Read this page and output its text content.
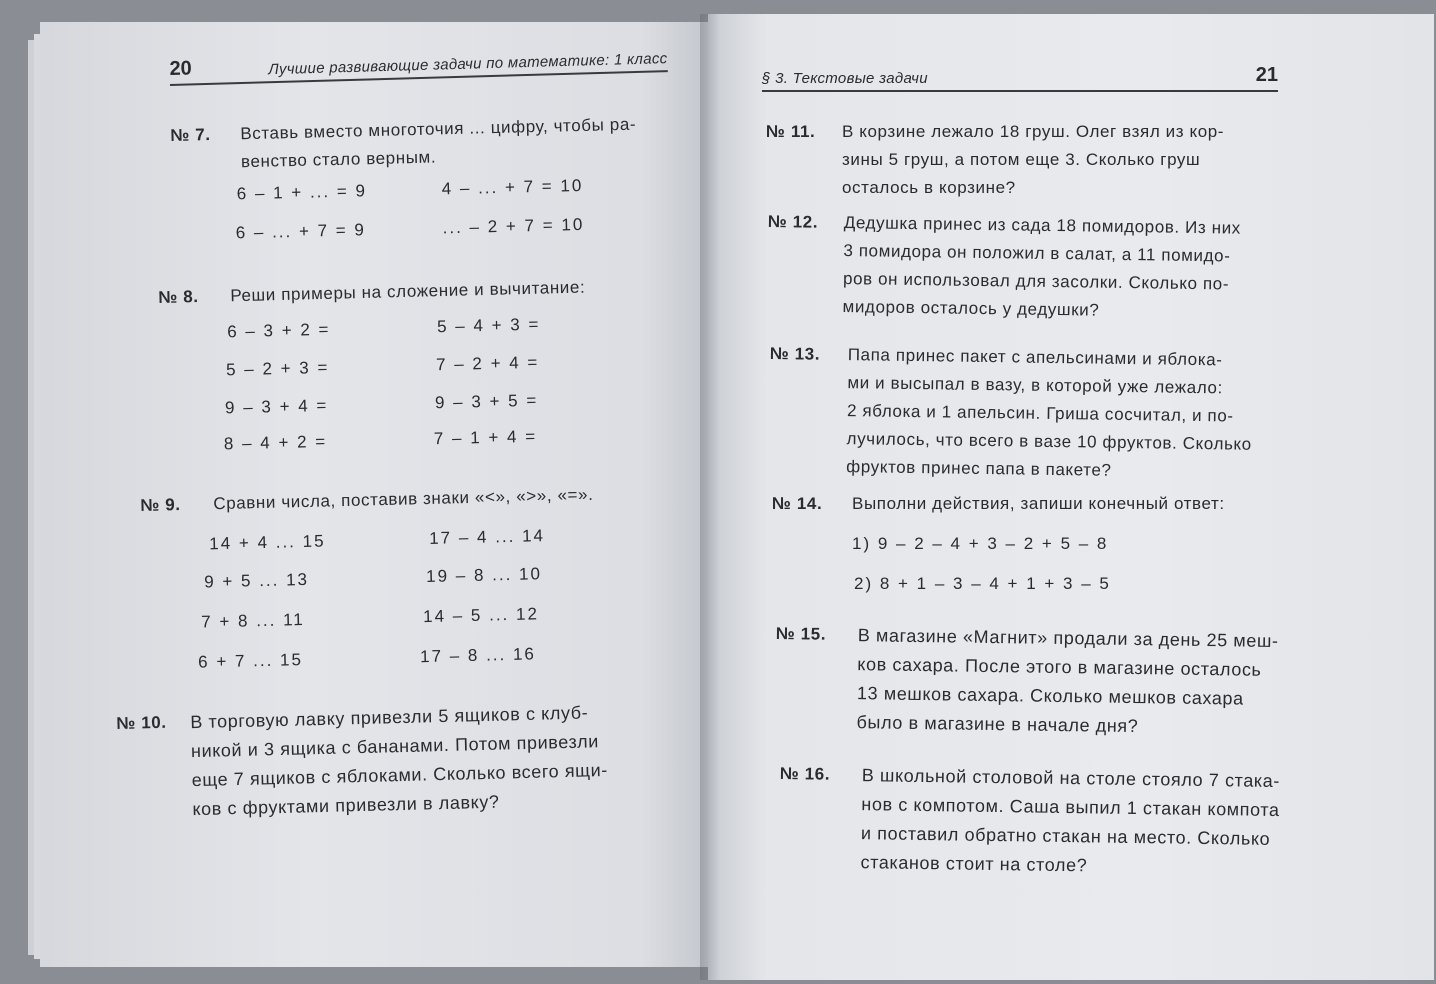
20	Лучшие развивающие задачи по математике: 1 класс
§ 3. Текстовые задачи	21
№ 7. Вставь вместо многоточия ... цифру, чтобы ра-
венство стало верным.
6 – 1 + ... = 9	4 – ... + 7 = 10
6 – ... + 7 = 9	... – 2 + 7 = 10
№ 8. Реши примеры на сложение и вычитание:
6 – 3 + 2 =	5 – 4 + 3 =
5 – 2 + 3 =	7 – 2 + 4 =
9 – 3 + 4 =	9 – 3 + 5 =
8 – 4 + 2 =	7 – 1 + 4 =
№ 9. Сравни числа, поставив знаки «<», «>», «=».
14 + 4 ... 15	17 – 4 ... 14
9 + 5 ... 13	19 – 8 ... 10
7 + 8 ... 11	14 – 5 ... 12
6 + 7 ... 15	17 – 8 ... 16
№ 10. В торговую лавку привезли 5 ящиков с клуб-
никой и 3 ящика с бананами. Потом привезли
еще 7 ящиков с яблоками. Сколько всего ящи-
ков с фруктами привезли в лавку?
№ 11. В корзине лежало 18 груш. Олег взял из кор-
зины 5 груш, а потом еще 3. Сколько груш
осталось в корзине?
№ 12. Дедушка принес из сада 18 помидоров. Из них
3 помидора он положил в салат, а 11 помидо-
ров он использовал для засолки. Сколько по-
мидоров осталось у дедушки?
№ 13. Папа принес пакет с апельсинами и яблока-
ми и высыпал в вазу, в которой уже лежало:
2 яблока и 1 апельсин. Гриша сосчитал, и по-
лучилось, что всего в вазе 10 фруктов. Сколько
фруктов принес папа в пакете?
№ 14. Выполни действия, запиши конечный ответ:
1) 9 – 2 – 4 + 3 – 2 + 5 – 8
2) 8 + 1 – 3 – 4 + 1 + 3 – 5
№ 15. В магазине «Магнит» продали за день 25 меш-
ков сахара. После этого в магазине осталось
13 мешков сахара. Сколько мешков сахара
было в магазине в начале дня?
№ 16. В школьной столовой на столе стояло 7 стака-
нов с компотом. Саша выпил 1 стакан компота
и поставил обратно стакан на место. Сколько
стаканов стоит на столе?
